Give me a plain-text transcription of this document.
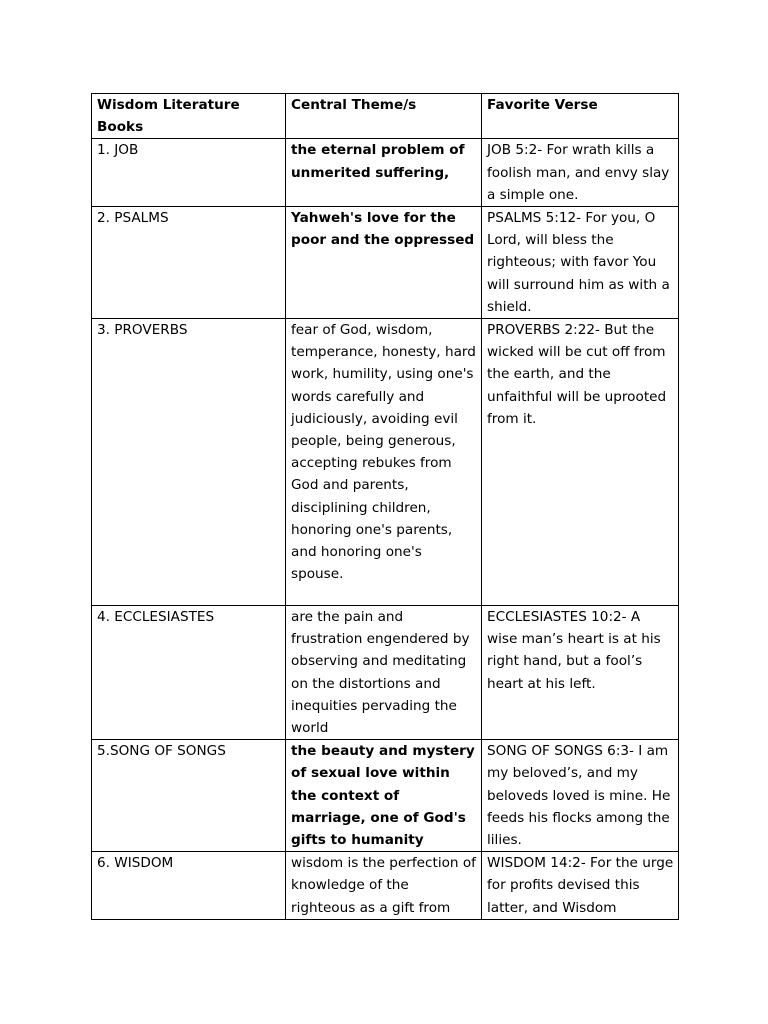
Wisdom Literature Books	Central Theme/s	Favorite Verse

1. JOB	the eternal problem of unmerited suffering,	JOB 5:2- For wrath kills a foolish man, and envy slay a simple one.

2. PSALMS	Yahweh's love for the poor and the oppressed	PSALMS 5:12- For you, O Lord, will bless the righteous; with favor You will surround him as with a shield.

3. PROVERBS	fear of God, wisdom, temperance, honesty, hard work, humility, using one's words carefully and judiciously, avoiding evil people, being generous, accepting rebukes from God and parents, disciplining children, honoring one's parents, and honoring one's spouse.	PROVERBS 2:22- But the wicked will be cut off from the earth, and the unfaithful will be uprooted from it.

4. ECCLESIASTES	are the pain and frustration engendered by observing and meditating on the distortions and inequities pervading the world	ECCLESIASTES 10:2- A wise man’s heart is at his right hand, but a fool’s heart at his left.

5.SONG OF SONGS	the beauty and mystery of sexual love within the context of marriage, one of God's gifts to humanity	SONG OF SONGS 6:3- I am my beloved’s, and my beloveds loved is mine. He feeds his flocks among the lilies.

6. WISDOM	wisdom is the perfection of knowledge of the righteous as a gift from	WISDOM 14:2- For the urge for profits devised this latter, and Wisdom
